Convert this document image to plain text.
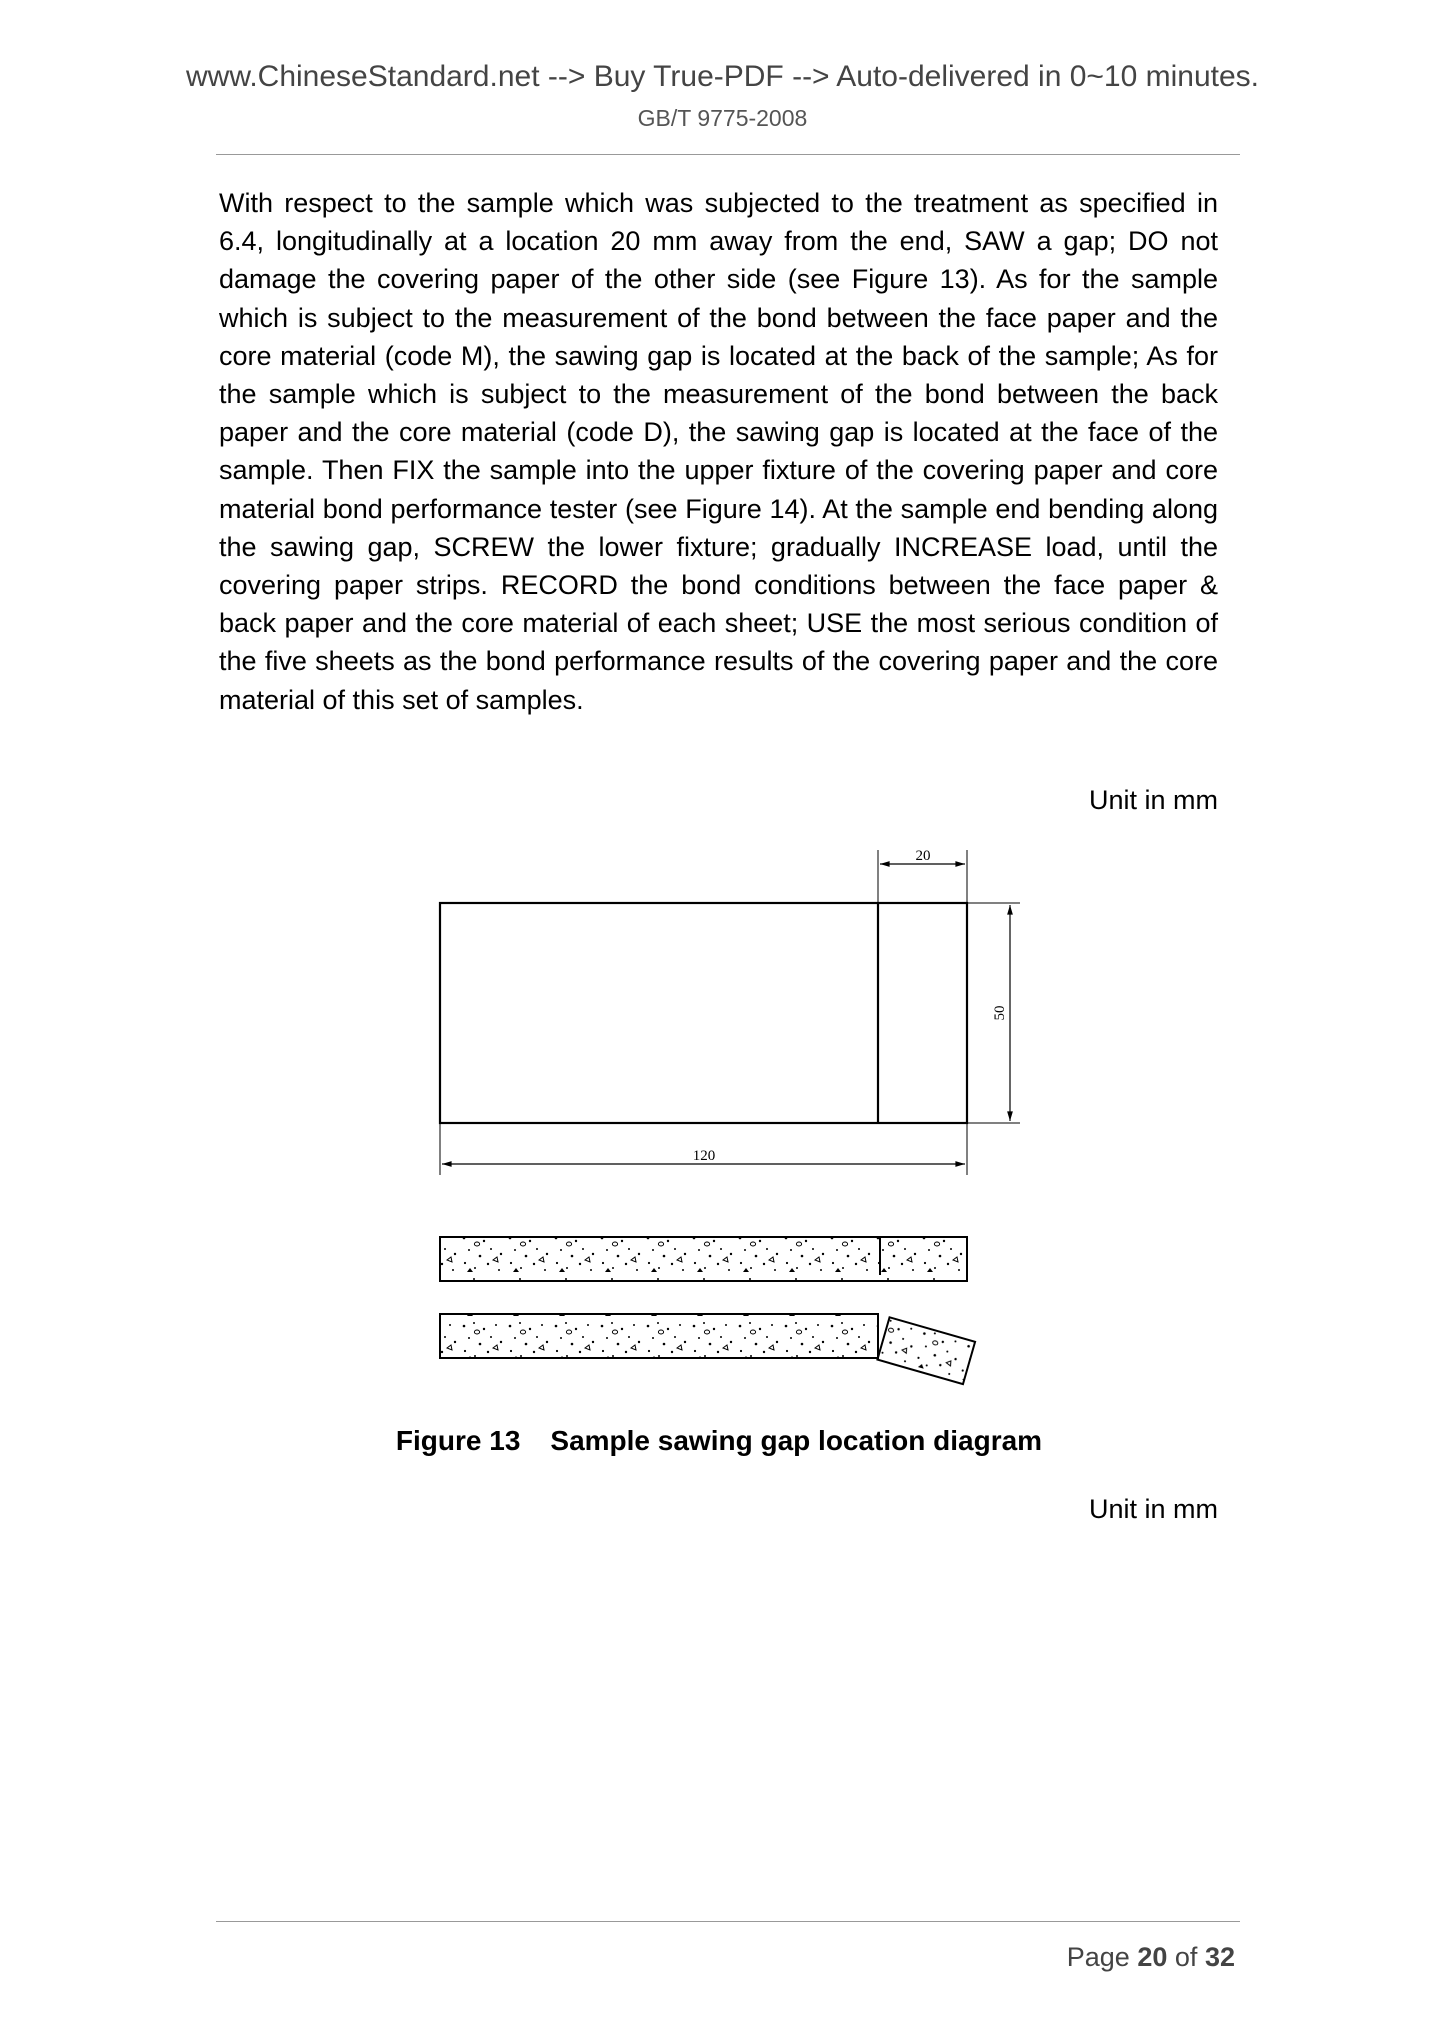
www.ChineseStandard.net --> Buy True-PDF --> Auto-delivered in 0~10 minutes.
GB/T 9775-2008

With respect to the sample which was subjected to the treatment as specified in 6.4, longitudinally at a location 20 mm away from the end, SAW a gap; DO not damage the covering paper of the other side (see Figure 13). As for the sample which is subject to the measurement of the bond between the face paper and the core material (code M), the sawing gap is located at the back of the sample; As for the sample which is subject to the measurement of the bond between the back paper and the core material (code D), the sawing gap is located at the face of the sample. Then FIX the sample into the upper fixture of the covering paper and core material bond performance tester (see Figure 14). At the sample end bending along the sawing gap, SCREW the lower fixture; gradually INCREASE load, until the covering paper strips. RECORD the bond conditions between the face paper & back paper and the core material of each sheet; USE the most serious condition of the five sheets as the bond performance results of the covering paper and the core material of this set of samples.

Unit in mm
20
50
120
Figure 13 Sample sawing gap location diagram
Unit in mm
Page 20 of 32
